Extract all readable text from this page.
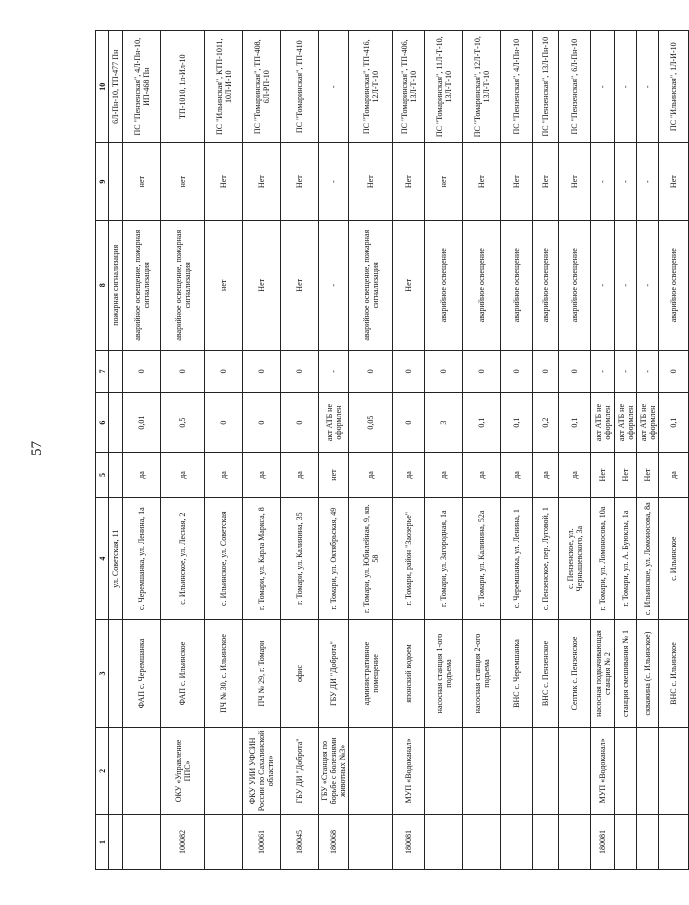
57
1	2	3	4	5	6	7	8	9	10
			ул. Советская, 11				пожарная сигнализация		6Л-Пн-10, ТП-477 Пн
		ФАП с. Черемшанка	с. Черемшанка, ул. Ленина, 1а	да	0,01	0	аварийное освещение, пожарная сигнализация	нет	ПС "Пензенская", 4Л-Пн-10, ИП-468 Пн
100082	ОКУ «Управление ППС»	ФАП с. Ильинское	с. Ильинское, ул. Лесная, 2	да	0,5	0	аварийное освещение, пожарная сигнализация	нет	ТП-1010, 1л-Ил-10
		ПЧ № 30, с. Ильинское	с. Ильинское, ул. Советская	да	0	0	нет	Нет	ПС "Ильинская", КТП-1011, 10Л-И-10
100061	ФКУ УИИ УФСИН России по Сахалинской области»	ПЧ № 29, г. Томари	г. Томари, ул. Карла Маркса, 8	да	0	0	Нет	Нет	ПС "Томаринская", ТП-408, 6Л-РП-10
180045	ГБУ ДИ "Доброта"	офис	г. Томари, ул. Калинина, 35	да	0	0	Нет	Нет	ПС "Томаринская", ТП-410
180068	ГБУ «Станция по борьбе с болезнями животных №3»	ГБУ ДИ "Доброта"	г. Томари, ул. Октябрьская, 49	нет	акт АТБ не оформлен	-	-	-	-
		административное помещение	г. Томари, ул. Юбилейная, 9, кв. 58	да	0,05	0	аварийное освещение, пожарная сигнализация	Нет	ПС "Томаринская", ТП-416, 12Л-Т-10
180081	МУП «Водоканал»	японский водоем	г. Томари, район "Заозерье"	да	0	0	Нет	Нет	ПС "Томаринская", ТП-406, 13Л-Т-10
		насосная станция 1-ого подъема	г. Томари, ул. Загородная, 1а	да	3	0	аварийное освещение	нет	ПС "Томаринская", 11Л-Т-10, 13Л-Т-10
		насосная станция 2-ого подъема	г. Томари, ул. Калинина, 52а	да	0,1	0	аварийное освещение	Нет	ПС "Томаринская", 12Л-Т-10, 13Л-Т-10
		ВНС с. Черемшанка	с. Черемшанка, ул. Ленина, 1	да	0,1	0	аварийное освещение	Нет	ПС "Пензенская", 4Л-Пн-10
		ВНС с. Пензенское	с. Пензенское, пер. Луговой, 1	да	0,2	0	аварийное освещение	Нет	ПС "Пензенская", 13Л-Пн-10
		Септик с. Пензенское	с. Пензенское, ул. Чернышевского, 3а	да	0,1	0	аварийное освещение	Нет	ПС "Пензенская", 6Л-Пн-10
180081	МУП «Водоканал»	насосная подкачивающая станция № 2	г. Томари, ул. Ломоносова, 10а	Нет	акт АТБ не оформлен	-	-	-	-
		станция смешивания № 1	г. Томари, ул. А. Буюклы, 1а	Нет	акт АТБ не оформлен	-	-	-	-
		скважина (с. Ильинское)	с. Ильинское, ул. Ломоносова, 8а	Нет	акт АТБ не оформлен	-	-	-	-
		ВНС с. Ильинское	с. Ильинское	да	0,1	0	аварийное освещение	Нет	ПС "Ильинская", 1Л-И-10
